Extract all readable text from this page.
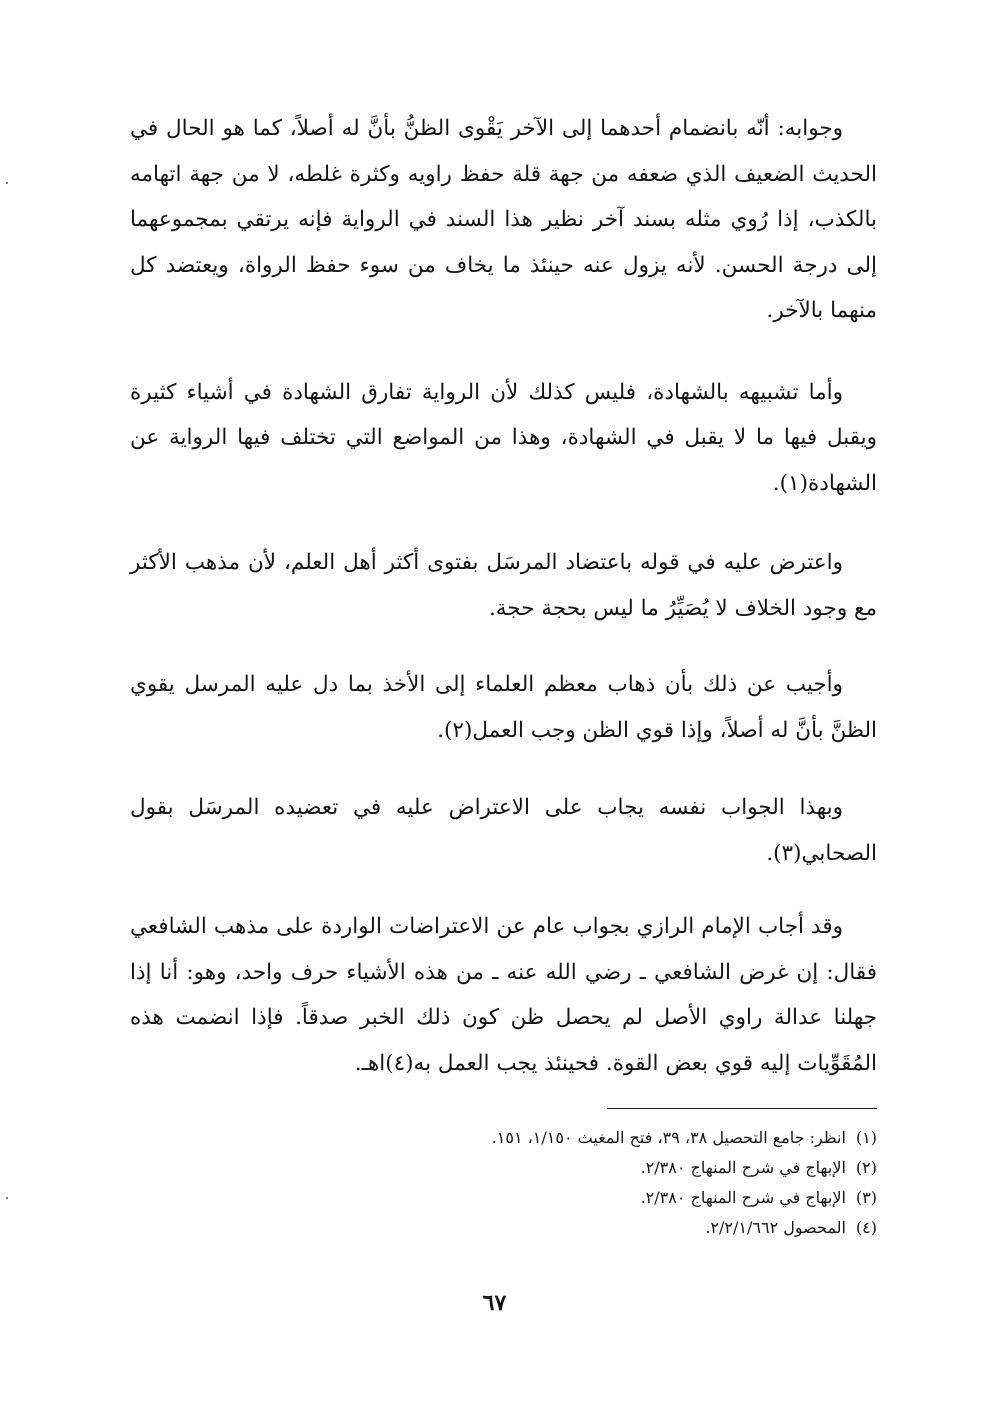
وجوابه: أنّه بانضمام أحدهما إلى الآخر يَقْوى الظنُّ بأنَّ له أصلاً، كما هو الحال في الحديث الضعيف الذي ضعفه من جهة قلة حفظ راويه وكثرة غلطه، لا من جهة اتهامه بالكذب، إذا رُوي مثله بسند آخر نظير هذا السند في الرواية فإنه يرتقي بمجموعهما إلى درجة الحسن. لأنه يزول عنه حينئذ ما يخاف من سوء حفظ الرواة، ويعتضد كل منهما بالآخر.

وأما تشبيهه بالشهادة، فليس كذلك لأن الرواية تفارق الشهادة في أشياء كثيرة ويقبل فيها ما لا يقبل في الشهادة، وهذا من المواضع التي تختلف فيها الرواية عن الشهادة(١).

واعترض عليه في قوله باعتضاد المرسَل بفتوى أكثر أهل العلم، لأن مذهب الأكثر مع وجود الخلاف لا يُصَيِّرُ ما ليس بحجة حجة.

وأجيب عن ذلك بأن ذهاب معظم العلماء إلى الأخذ بما دل عليه المرسل يقوي الظنَّ بأنَّ له أصلاً، وإذا قوي الظن وجب العمل(٢).

وبهذا الجواب نفسه يجاب على الاعتراض عليه في تعضيده المرسَل بقول الصحابي(٣).

وقد أجاب الإمام الرازي بجواب عام عن الاعتراضات الواردة على مذهب الشافعي فقال: إن غرض الشافعي ـ رضي الله عنه ـ من هذه الأشياء حرف واحد، وهو: أنا إذا جهلنا عدالة راوي الأصل لم يحصل ظن كون ذلك الخبر صدقاً. فإذا انضمت هذه المُقَوِّيات إليه قوي بعض القوة. فحينئذ يجب العمل به(٤)اهـ.

(١)انظر: جامع التحصيل ٣٨، ٣٩، فتح المغيث ١/١٥٠، ١٥١.
(٢)الإبهاج في شرح المنهاج ٢/٣٨٠.
(٣)الإبهاج في شرح المنهاج ٢/٣٨٠.
(٤)المحصول ٢/٢/١/٦٦٢.
٦٧
